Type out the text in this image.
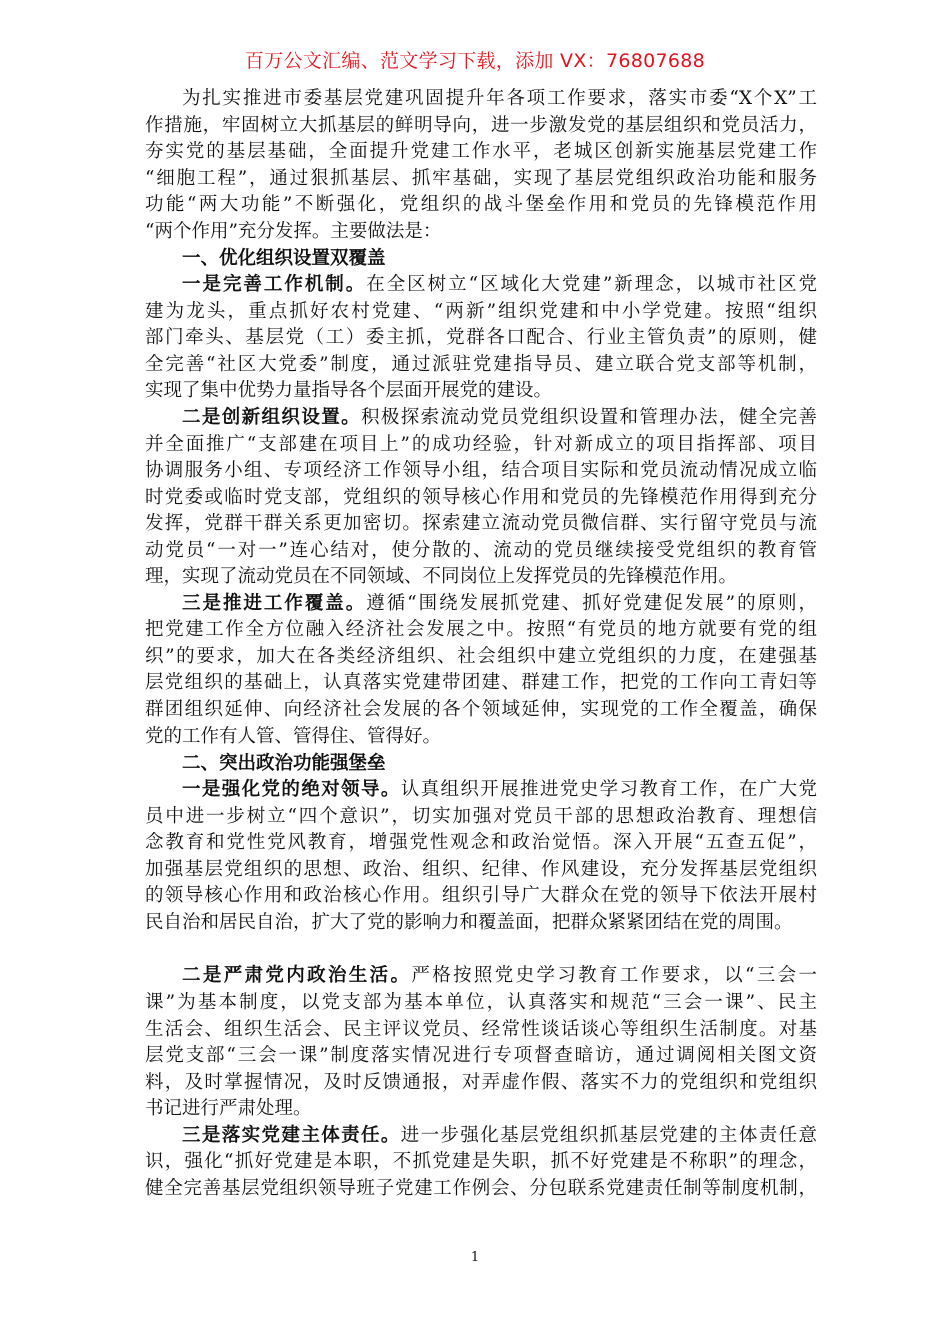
百万公文汇编、范文学习下载，添加 VX：76807688
为扎实推进市委基层党建巩固提升年各项工作要求，落实市委“X个X”工
作措施，牢固树立大抓基层的鲜明导向，进一步激发党的基层组织和党员活力，
夯实党的基层基础，全面提升党建工作水平，老城区创新实施基层党建工作
“细胞工程”，通过狠抓基层、抓牢基础，实现了基层党组织政治功能和服务
功能“两大功能”不断强化，党组织的战斗堡垒作用和党员的先锋模范作用
“两个作用”充分发挥。主要做法是：
一、优化组织设置双覆盖
一是完善工作机制。在全区树立“区域化大党建”新理念，以城市社区党
建为龙头，重点抓好农村党建、“两新”组织党建和中小学党建。按照“组织
部门牵头、基层党（工）委主抓，党群各口配合、行业主管负责”的原则，健
全完善“社区大党委”制度，通过派驻党建指导员、建立联合党支部等机制，
实现了集中优势力量指导各个层面开展党的建设。
二是创新组织设置。积极探索流动党员党组织设置和管理办法，健全完善
并全面推广“支部建在项目上”的成功经验，针对新成立的项目指挥部、项目
协调服务小组、专项经济工作领导小组，结合项目实际和党员流动情况成立临
时党委或临时党支部，党组织的领导核心作用和党员的先锋模范作用得到充分
发挥，党群干群关系更加密切。探索建立流动党员微信群、实行留守党员与流
动党员“一对一”连心结对，使分散的、流动的党员继续接受党组织的教育管
理，实现了流动党员在不同领域、不同岗位上发挥党员的先锋模范作用。
三是推进工作覆盖。遵循“围绕发展抓党建、抓好党建促发展”的原则，
把党建工作全方位融入经济社会发展之中。按照“有党员的地方就要有党的组
织”的要求，加大在各类经济组织、社会组织中建立党组织的力度，在建强基
层党组织的基础上，认真落实党建带团建、群建工作，把党的工作向工青妇等
群团组织延伸、向经济社会发展的各个领域延伸，实现党的工作全覆盖，确保
党的工作有人管、管得住、管得好。
二、突出政治功能强堡垒
一是强化党的绝对领导。认真组织开展推进党史学习教育工作，在广大党
员中进一步树立“四个意识”，切实加强对党员干部的思想政治教育、理想信
念教育和党性党风教育，增强党性观念和政治觉悟。深入开展“五查五促”，
加强基层党组织的思想、政治、组织、纪律、作风建设，充分发挥基层党组织
的领导核心作用和政治核心作用。组织引导广大群众在党的领导下依法开展村
民自治和居民自治，扩大了党的影响力和覆盖面，把群众紧紧团结在党的周围。
二是严肃党内政治生活。严格按照党史学习教育工作要求，以“三会一
课”为基本制度，以党支部为基本单位，认真落实和规范“三会一课”、民主
生活会、组织生活会、民主评议党员、经常性谈话谈心等组织生活制度。对基
层党支部“三会一课”制度落实情况进行专项督查暗访，通过调阅相关图文资
料，及时掌握情况，及时反馈通报，对弄虚作假、落实不力的党组织和党组织
书记进行严肃处理。
三是落实党建主体责任。进一步强化基层党组织抓基层党建的主体责任意
识，强化“抓好党建是本职，不抓党建是失职，抓不好党建是不称职”的理念，
健全完善基层党组织领导班子党建工作例会、分包联系党建责任制等制度机制，
1
